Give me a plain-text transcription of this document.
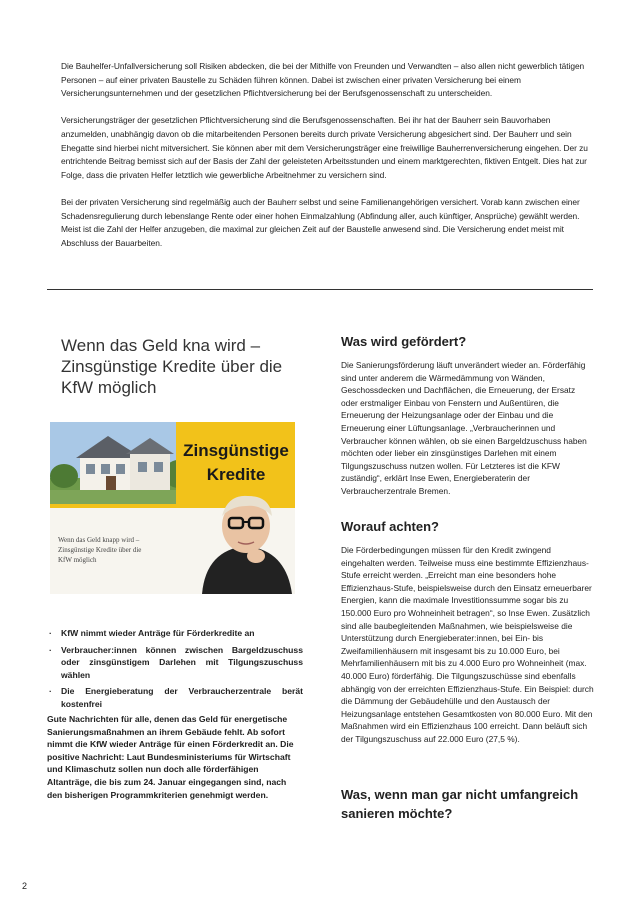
Die Bauhelfer-Unfallversicherung soll Risiken abdecken, die bei der Mithilfe von Freunden und Verwandten – also allen nicht gewerblich tätigen Personen – auf einer privaten Baustelle zu Schäden führen können. Dabei ist zwischen einer privaten Versicherung bei einem Versicherungsunternehmen und der gesetzlichen Pflichtversicherung bei der Berufsgenossenschaft zu unterscheiden.

Versicherungsträger der gesetzlichen Pflichtversicherung sind die Berufsgenossenschaften. Bei ihr hat der Bauherr sein Bauvorhaben anzumelden, unabhängig davon ob die mitarbeitenden Personen bereits durch private Versicherung abgesichert sind. Der Bauherr und sein Ehegatte sind hierbei nicht mitversichert. Sie können aber mit dem Versicherungsträger eine freiwillige Bauherrenversicherung eingehen. Der zu entrichtende Beitrag bemisst sich auf der Basis der Zahl der geleisteten Arbeitsstunden und einem marktgerechten, fiktiven Entgelt. Dies hat zur Folge, dass die privaten Helfer letztlich wie gewerbliche Arbeitnehmer zu versichern sind.

Bei der privaten Versicherung sind regelmäßig auch der Bauherr selbst und seine Familienangehörigen versichert. Vorab kann zwischen einer Schadensregulierung durch lebenslange Rente oder einer hohen Einmalzahlung (Abfindung aller, auch künftiger, Ansprüche) gewählt werden. Meist ist die Zahl der Helfer anzugeben, die maximal zur gleichen Zeit auf der Baustelle anwesend sind. Die Versicherung endet meist mit Abschluss der Bauarbeiten.

Wenn das Geld kna wird – Zinsgünstige Kredite über die KfW möglich
Zinsgünstige
Kredite
Wenn das Geld knapp wird –
Zinsgünstige Kredite über die
KfW möglich
·	KfW nimmt wieder Anträge für Förderkredite an
·	Verbraucher:innen können zwischen Bargeldzuschuss oder zinsgünstigem Darlehen mit Tilgungszuschuss wählen
·	Die Energieberatung der Verbraucherzentrale berät kostenfrei
Gute Nachrichten für alle, denen das Geld für energetische Sanierungsmaßnahmen an ihrem Gebäude fehlt. Ab sofort nimmt die KfW wieder Anträge für einen Förderkredit an. Die positive Nachricht: Laut Bundesministeriums für Wirtschaft und Klimaschutz sollen nun doch alle förderfähigen Altanträge, die bis zum 24. Januar eingegangen sind, nach den bisherigen Programmkriterien genehmigt werden.
Was wird gefördert?

Die Sanierungsförderung läuft unverändert wieder an. Förderfähig sind unter anderem die Wärmedämmung von Wänden, Geschossdecken und Dachflächen, die Erneuerung, der Ersatz oder erstmaliger Einbau von Fenstern und Außentüren, die Erneuerung der Heizungsanlage oder der Einbau und die Erneuerung einer Lüftungsanlage. „Verbraucherinnen und Verbraucher können wählen, ob sie einen Bargeldzuschuss haben möchten oder lieber ein zinsgünstiges Darlehen mit einem Tilgungszuschuss nutzen wollen. Für Letzteres ist die KFW zuständig“, erklärt Inse Ewen, Energieberaterin der Verbraucherzentrale Bremen.

Worauf achten?

Die Förderbedingungen müssen für den Kredit zwingend eingehalten werden. Teilweise muss eine bestimmte Effizienzhaus-Stufe erreicht werden. „Erreicht man eine besonders hohe Effizienzhaus-Stufe, beispielsweise durch den Einsatz erneuerbarer Energien, kann die maximale Investitionssumme sogar bis zu 150.000 Euro pro Wohneinheit betragen“, so Inse Ewen. Zusätzlich sind alle baubegleitenden Maßnahmen, wie beispielsweise die Unterstützung durch Energieberater:innen, bei Ein- bis Zweifamilienhäusern mit insgesamt bis zu 10.000 Euro, bei Mehrfamilienhäusern mit bis zu 4.000 Euro pro Wohneinheit (max. 40.000 Euro) förderfähig. Die Tilgungszuschüsse sind ebenfalls abhängig von der erreichten Effizienzhaus-Stufe. Ein Beispiel: durch die Dämmung der Gebäudehülle und den Austausch der Heizungsanlage entstehen Gesamtkosten von 80.000 Euro. Mit den Maßnahmen wird ein Effizienzhaus 100 erreicht. Dann beläuft sich der Tilgungszuschuss auf 22.000 Euro (27,5 %).

Was, wenn man gar nicht umfangreich sanieren möchte?
2
